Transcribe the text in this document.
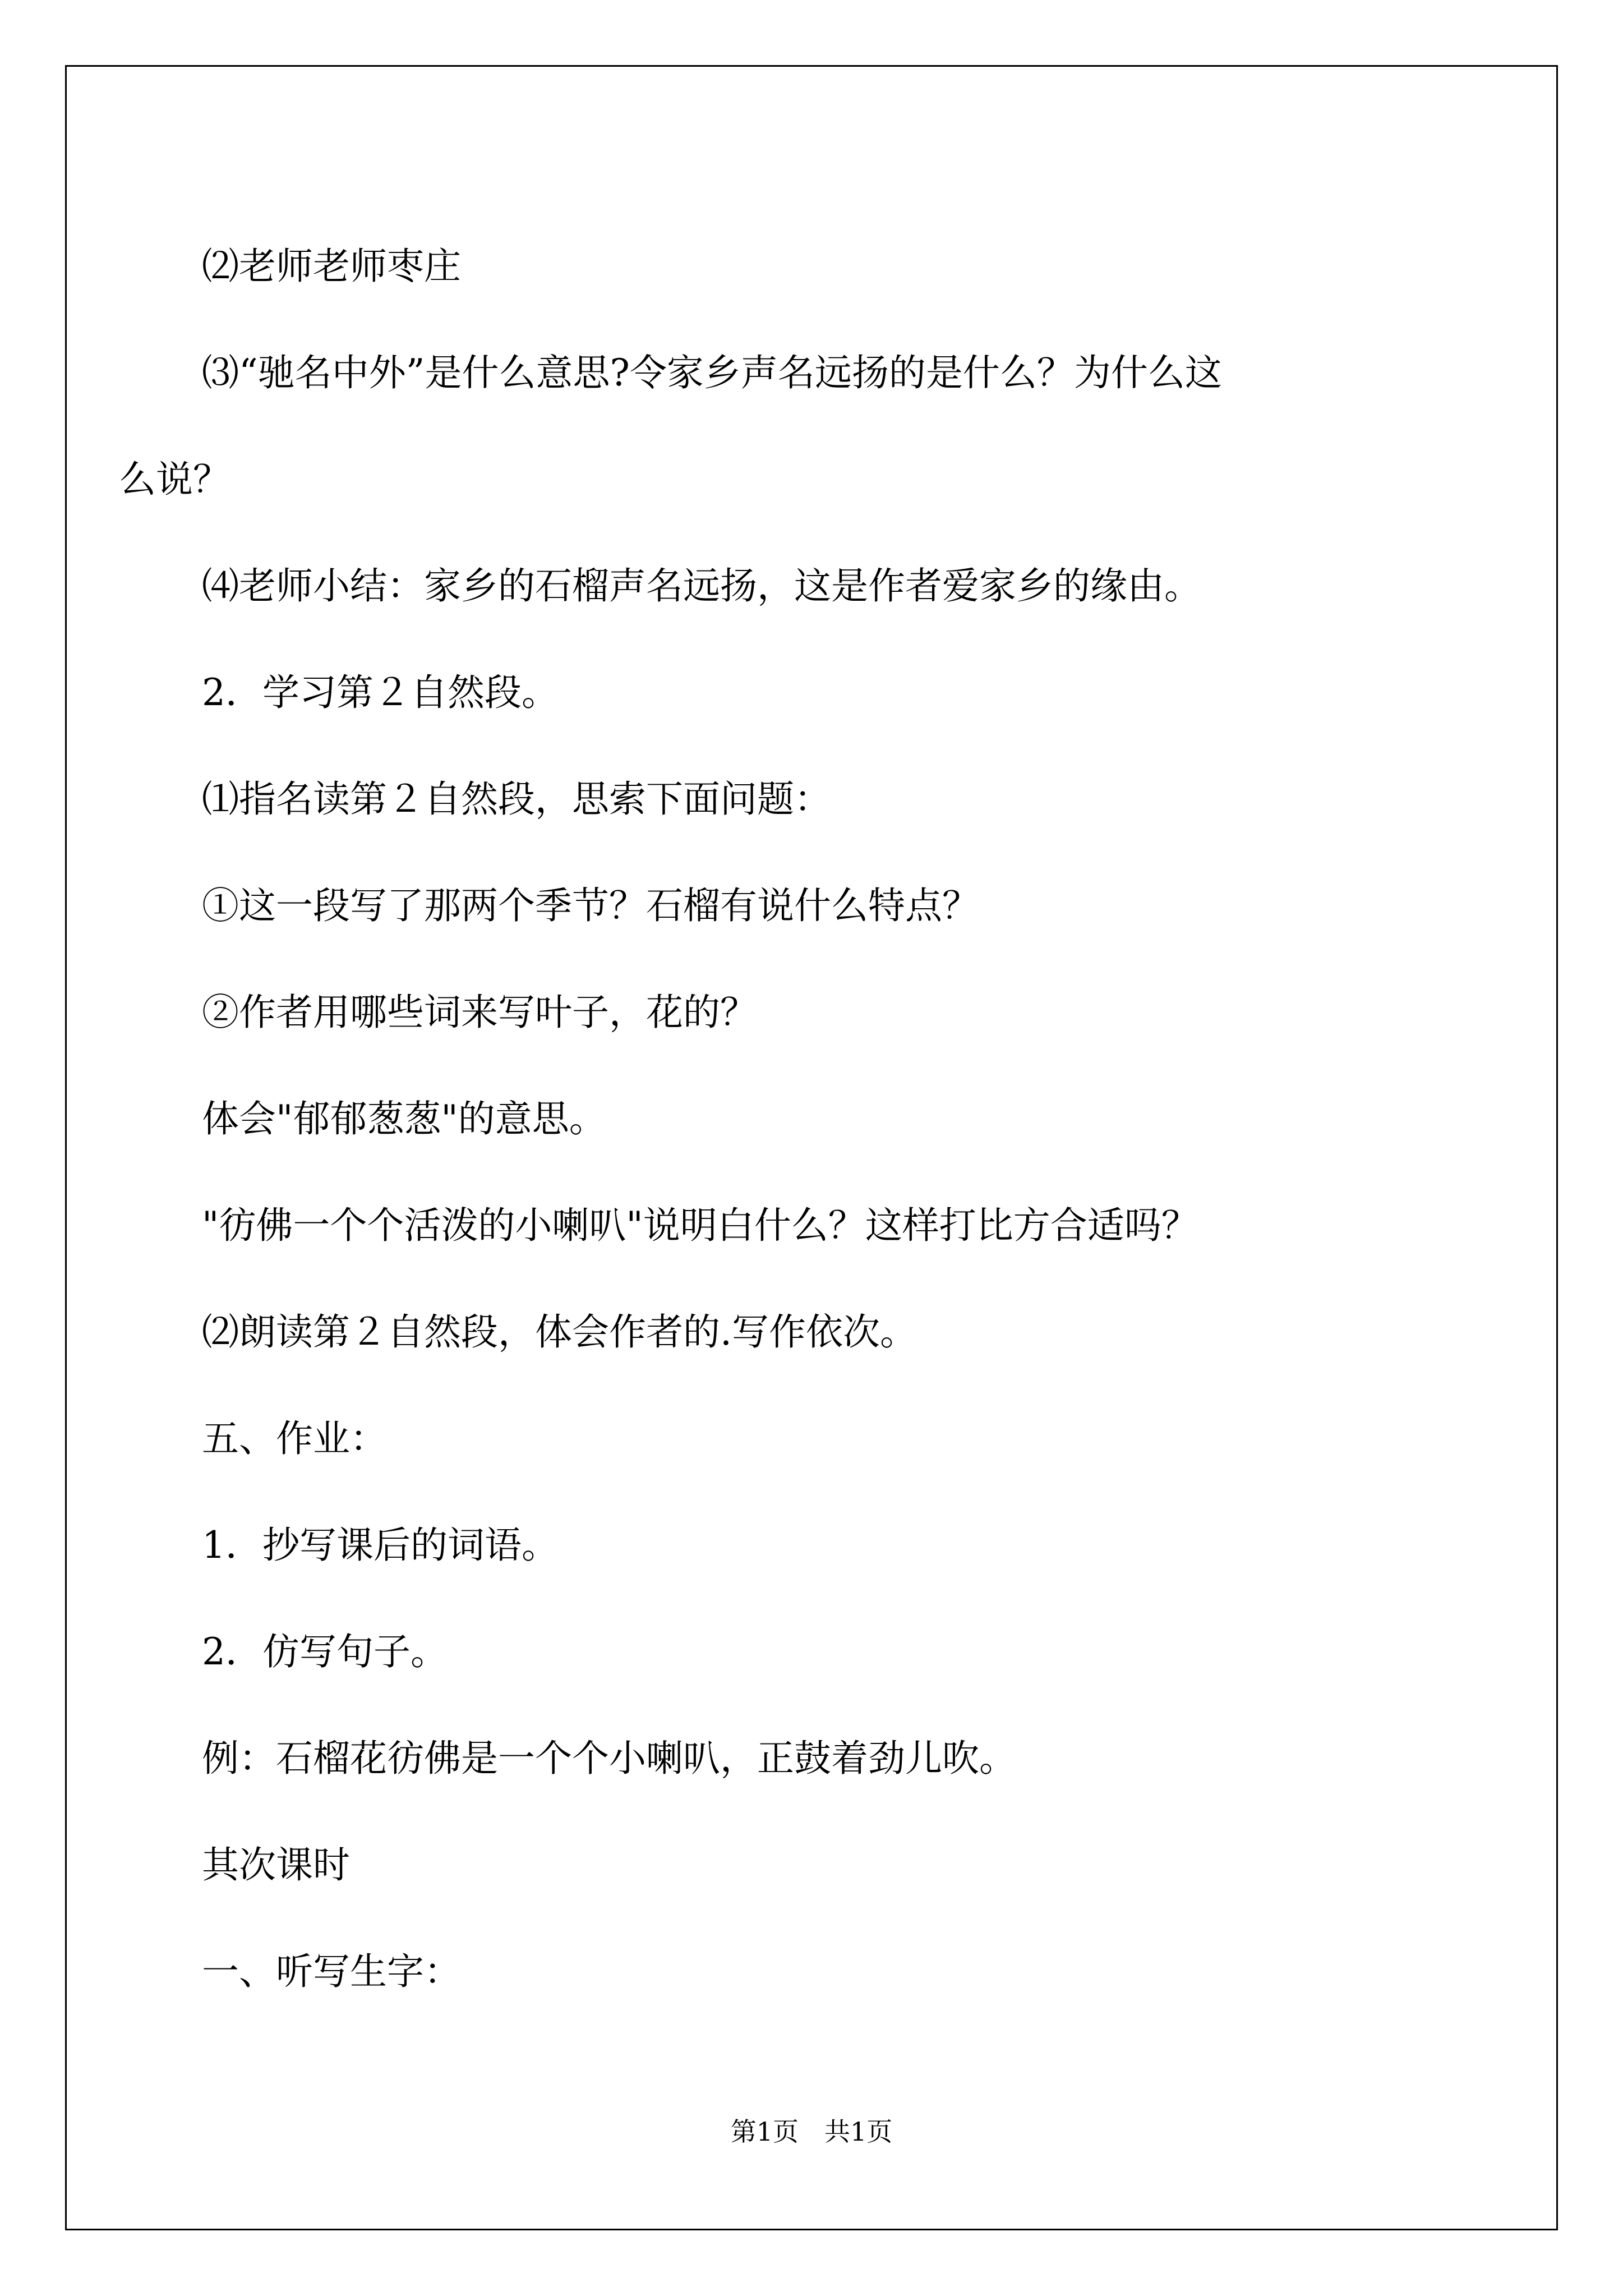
⑵老师老师枣庄

⑶“驰名中外”是什么意思?令家乡声名远扬的是什么？为什么这
么说？

⑷老师小结：家乡的石榴声名远扬，这是作者爱家乡的缘由。

2．学习第２自然段。

⑴指名读第２自然段，思索下面问题：

①这一段写了那两个季节？石榴有说什么特点？

②作者用哪些词来写叶子，花的？

体会"郁郁葱葱"的意思。

"彷佛一个个活泼的小喇叭"说明白什么？这样打比方合适吗？

⑵朗读第２自然段，体会作者的.写作依次。

五、作业：

1．抄写课后的词语。

2．仿写句子。

例：石榴花彷佛是一个个小喇叭，正鼓着劲儿吹。

其次课时

一、听写生字：

第1页　共1页
